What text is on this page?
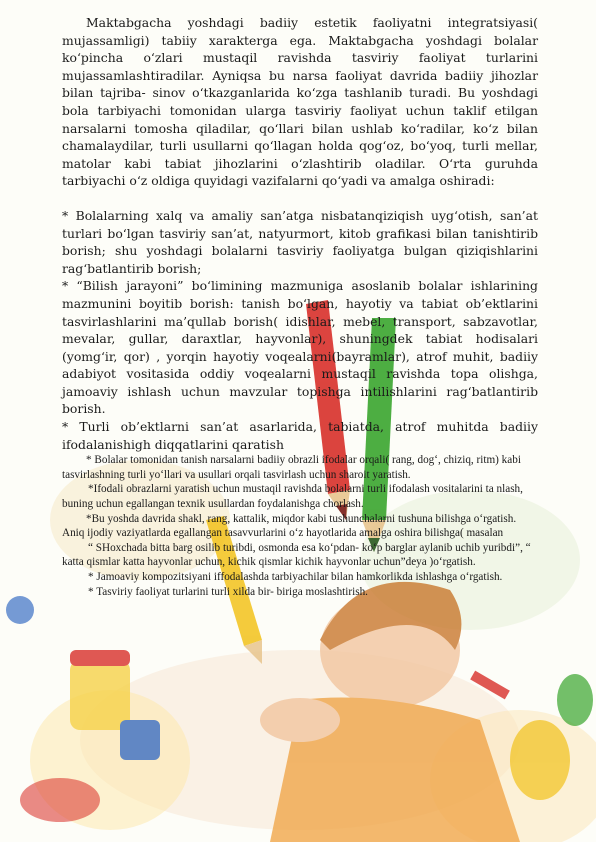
Maktabgacha yoshdagi badiiy estetik faoliyatni integratsiyasi( mujassamligi) tabiiy xarakterga ega. Maktabgacha yoshdagi bolalar koʻpincha oʻzlari mustaqil ravishda tasviriy faoliyat turlarini mujassamlashtiradilar. Ayniqsa bu narsa faoliyat davrida badiiy jihozlar bilan tajriba- sinov oʻtkazganlarida koʻzga tashlanib turadi. Bu yoshdagi bola tarbiyachi tomonidan ularga tasviriy faoliyat uchun taklif etilgan narsalarni tomosha qiladilar, qoʻllari bilan ushlab koʻradilar, koʻz bilan chamalaydilar, turli usullarni qoʻllagan holda qogʻoz, boʻyoq, turli mellar, matolar kabi tabiat jihozlarini oʻzlashtirib oladilar. Oʻrta guruhda tarbiyachi oʻz oldiga quyidagi vazifalarni qoʻyadi va amalga oshiradi:

* Bolalarning xalq va amaliy san’atga nisbatanqiziqish uygʻotish, san’at turlari boʻlgan tasviriy san’at, natyurmort, kitob grafikasi bilan tanishtirib borish; shu yoshdagi bolalarni tasviriy faoliyatga bulgan qiziqishlarini ragʻbatlantirib borish;

* “Bilish jarayoni” boʻlimining mazmuniga asoslanib bolalar ishlarining mazmunini boyitib borish: tanish boʻlgan, hayotiy va tabiat ob’ektlarini tasvirlashlarini ma’qullab borish( idishlar, mebel, transport, sabzavotlar, mevalar, gullar, daraxtlar, hayvonlar), shuningdek tabiat hodisalari (yomgʻir, qor) , yorqin hayotiy voqealarni(bayramlar), atrof muhit, badiiy adabiyot vositasida oddiy voqealarni mustaqil ravishda topa olishga, jamoaviy ishlash uchun mavzular topishga intilishlarini ragʻbatlantirib borish.

* Turli ob’ektlarni san’at asarlarida, tabiatda, atrof muhitda badiiy ifodalanishigh diqqatlarini qaratish

* Bolalar tomonidan tanish narsalarni badiiy obrazli ifodalar orqali( rang, dog‘, chiziq, ritm) kabi tasvirlashning turli yo‘llari va usullari orqali tasvirlash uchun sharoit yaratish.

*Ifodali obrazlarni yaratish uchun mustaqil ravishda bolalarni turli ifodalash vositalarini ta nlash, buning uchun egallangan texnik usullardan foydalanishga chorlash.

*Bu yoshda davrida shakl, rang, kattalik, miqdor kabi tushunchalarni tushuna bilishga o‘rgatish. Aniq ijodiy vaziyatlarda egallangan tasavvurlarini o‘z hayotlarida amalga oshira bilishga( masalan

“ SHoxchada bitta barg osilib turibdi, osmonda esa ko‘pdan- ko‘p barglar aylanib uchib yuribdi”, “ katta qismlar katta hayvonlar uchun, kichik qismlar kichik hayvonlar uchun”deya )o‘rgatish.

* Jamoaviy kompozitsiyani iffodalashda tarbiyachilar bilan hamkorlikda ishlashga o‘rgatish.

* Tasviriy faoliyat turlarini turli xilda bir- biriga moslashtirish.
